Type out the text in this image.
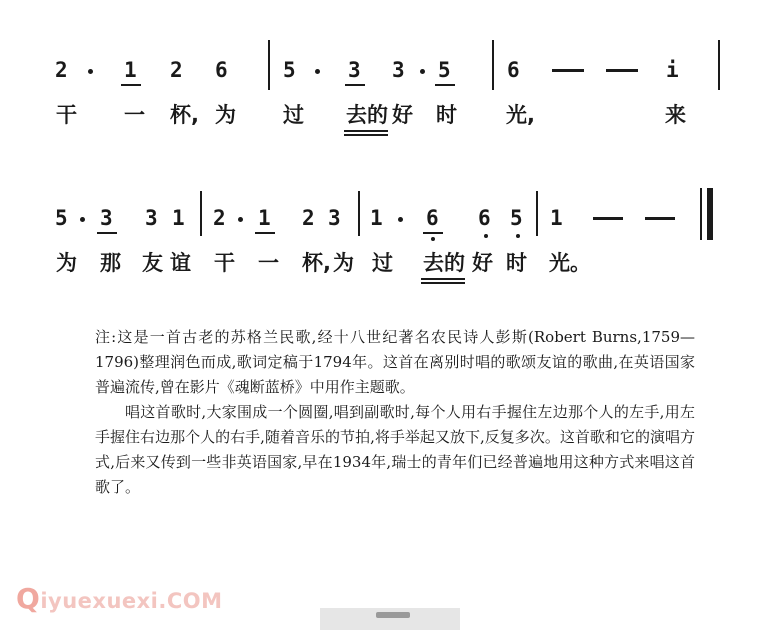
2	1 2 6	5 3 3 5	6	i
干 一 杯, 为 过 去的 好 时 光,	来
5 3 3 1 2 1 2 3 1 6 6 5 1
为 那 友 谊 干 一 杯, 为 过 去的 好 时 光。

注:这是一首古老的苏格兰民歌,经十八世纪著名农民诗人彭斯(Robert Burns,1759—1796)整理润色而成,歌词定稿于1794年。这首在离别时唱的歌颂友谊的歌曲,在英语国家普遍流传,曾在影片《魂断蓝桥》中用作主题歌。

唱这首歌时,大家围成一个圆圈,唱到副歌时,每个人用右手握住左边那个人的左手,用左手握住右边那个人的右手,随着音乐的节拍,将手举起又放下,反复多次。这首歌和它的演唱方式,后来又传到一些非英语国家,早在1934年,瑞士的青年们已经普遍地用这种方式来唱这首歌了。

Qiyuexuexi.COM
